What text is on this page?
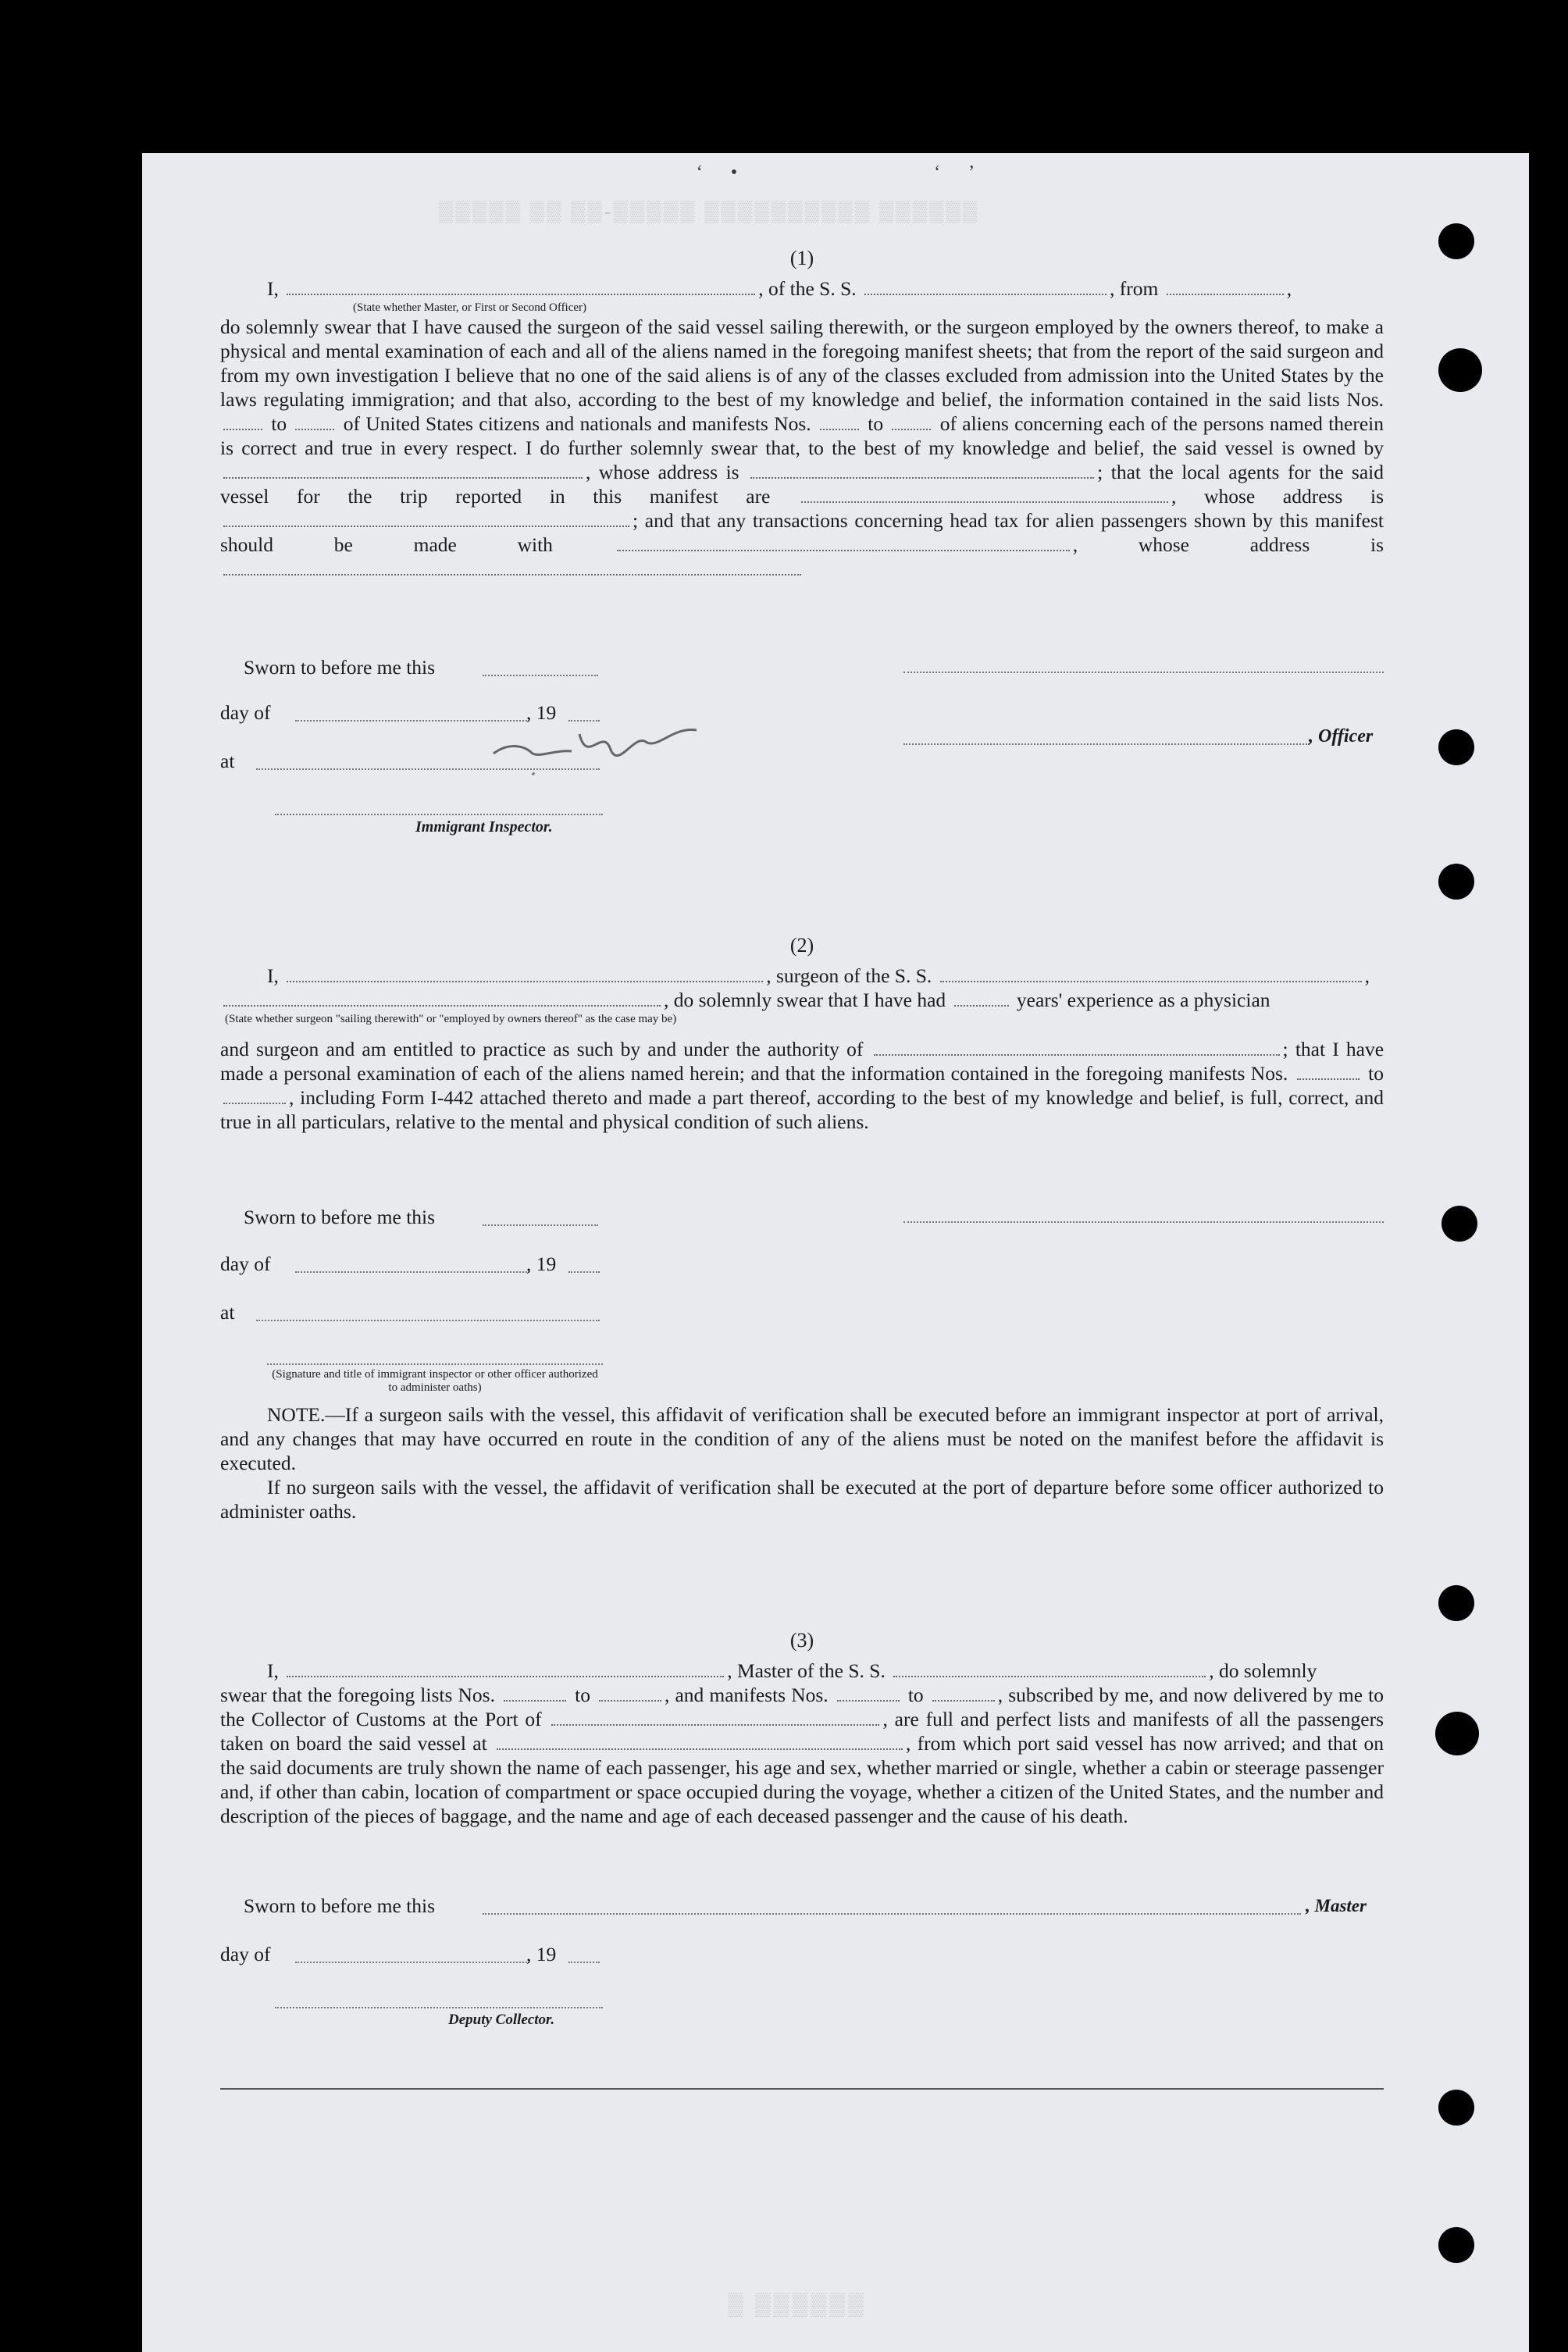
‘      •                                          ‘      ’
▒▒▒▒▒ ▒▒ ▒▒-▒▒▒▒▒ ▒▒▒▒▒▒▒▒▒▒ ▒▒▒▒▒▒
(1)

I,	, of the S. S.	, from	,

(State whether Master, or First or Second Officer)

do solemnly swear that I have caused the surgeon of the said vessel sailing therewith, or the surgeon employed by the owners thereof, to make a physical and mental examination of each and all of the aliens named in the foregoing manifest sheets; that from the report of the said surgeon and from my own investigation I believe that no one of the said aliens is of any of the classes excluded from admission into the United States by the laws regulating immigration; and that also, according to the best of my knowledge and belief, the information contained in the said lists Nos.  to	of United States citizens and nationals and manifests Nos.	to	of aliens concerning each of the persons named therein is correct and true in every respect. I do further solemnly swear that, to the best of my knowledge and belief, the said vessel is owned by , whose address is	; that the local agents for the said vessel for the trip reported in this manifest are	, whose address is ; and that any transactions concerning head tax for alien passengers shown by this manifest should be made with	, whose address is

Sworn to before me this
day of	, 19
, Officer
at
Immigrant Inspector.
(2)

I,	, surgeon of the S. S.	,

, do solemnly swear that I have had	years' experience as a physician

(State whether surgeon "sailing therewith" or "employed by owners thereof" as the case may be)

and surgeon and am entitled to practice as such by and under the authority of	; that I have made a personal examination of each of the aliens named herein; and that the information contained in the foregoing manifests Nos.	to , including Form I-442 attached thereto and made a part thereof, according to the best of my knowledge and belief, is full, correct, and true in all particulars, relative to the mental and physical condition of such aliens.

Sworn to before me this
day of	, 19
at
(Signature and title of immigrant inspector or other officer authorized to administer oaths)

NOTE.—If a surgeon sails with the vessel, this affidavit of verification shall be executed before an immigrant inspector at port of arrival, and any changes that may have occurred en route in the condition of any of the aliens must be noted on the manifest before the affidavit is executed.

If no surgeon sails with the vessel, the affidavit of verification shall be executed at the port of departure before some officer authorized to administer oaths.

(3)

I,	, Master of the S. S.	, do solemnly

swear that the foregoing lists Nos.	to	, and manifests Nos.	to	, subscribed by me, and now delivered by me to the Collector of Customs at the Port of	, are full and perfect lists and manifests of all the passengers taken on board the said vessel at	, from which port said vessel has now arrived; and that on the said documents are truly shown the name of each passenger, his age and sex, whether married or single, whether a cabin or steerage passenger and, if other than cabin, location of compartment or space occupied during the voyage, whether a citizen of the United States, and the number and description of the pieces of baggage, and the name and age of each deceased passenger and the cause of his death.

Sworn to before me this	, Master
day of	, 19
Deputy Collector.
▒ ▒▒▒▒▒▒
